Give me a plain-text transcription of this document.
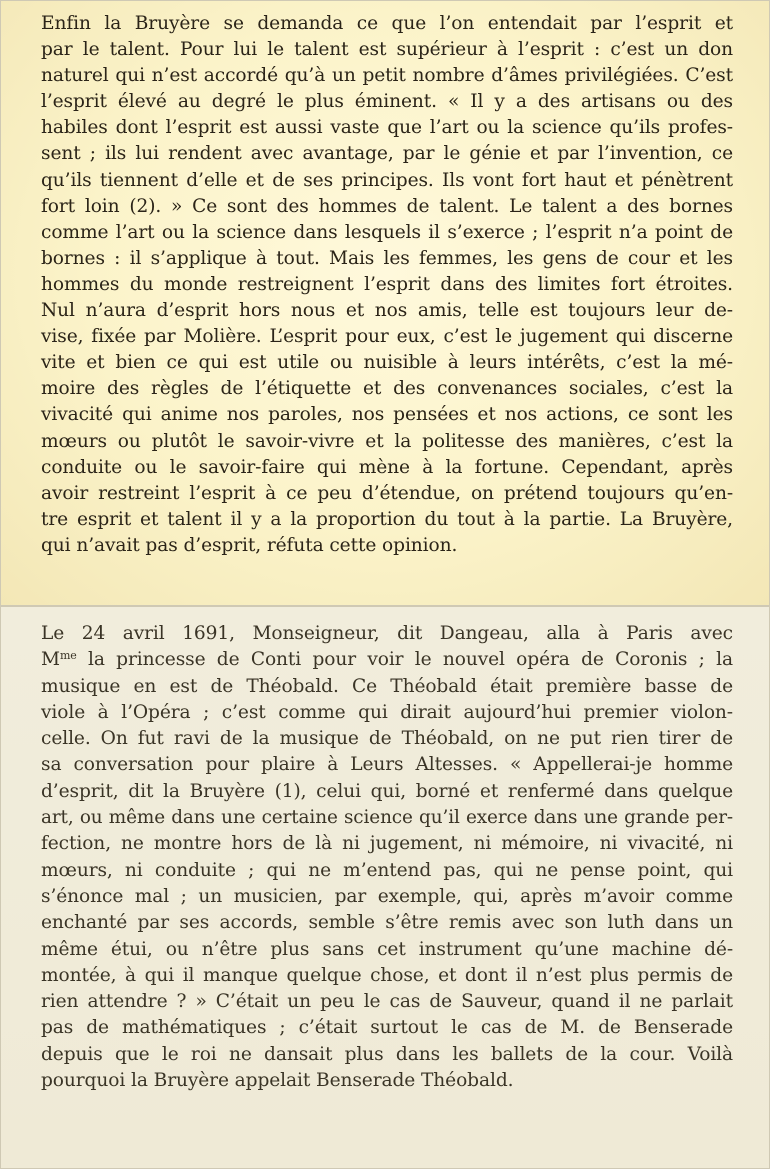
Enfin la Bruyère se demanda ce que l’on entendait par l’esprit et
par le talent. Pour lui le talent est supérieur à l’esprit : c’est un don
naturel qui n’est accordé qu’à un petit nombre d’âmes privilégiées. C’est
l’esprit élevé au degré le plus éminent. « Il y a des artisans ou des
habiles dont l’esprit est aussi vaste que l’art ou la science qu’ils profes-
sent ; ils lui rendent avec avantage, par le génie et par l’invention, ce
qu’ils tiennent d’elle et de ses principes. Ils vont fort haut et pénètrent
fort loin (2). » Ce sont des hommes de talent. Le talent a des bornes
comme l’art ou la science dans lesquels il s’exerce ; l’esprit n’a point de
bornes : il s’applique à tout. Mais les femmes, les gens de cour et les
hommes du monde restreignent l’esprit dans des limites fort étroites.
Nul n’aura d’esprit hors nous et nos amis, telle est toujours leur de-
vise, fixée par Molière. L’esprit pour eux, c’est le jugement qui discerne
vite et bien ce qui est utile ou nuisible à leurs intérêts, c’est la mé-
moire des règles de l’étiquette et des convenances sociales, c’est la
vivacité qui anime nos paroles, nos pensées et nos actions, ce sont les
mœurs ou plutôt le savoir-vivre et la politesse des manières, c’est la
conduite ou le savoir-faire qui mène à la fortune. Cependant, après
avoir restreint l’esprit à ce peu d’étendue, on prétend toujours qu’en-
tre esprit et talent il y a la proportion du tout à la partie. La Bruyère,
qui n’avait pas d’esprit, réfuta cette opinion.

Le 24 avril 1691, Monseigneur, dit Dangeau, alla à Paris avec
$M^{me}$ la princesse de Conti pour voir le nouvel opéra de Coronis ; la
musique en est de Théobald. Ce Théobald était première basse de
viole à l’Opéra ; c’est comme qui dirait aujourd’hui premier violon-
celle. On fut ravi de la musique de Théobald, on ne put rien tirer de
sa conversation pour plaire à Leurs Altesses. « Appellerai-je homme
d’esprit, dit la Bruyère (1), celui qui, borné et renfermé dans quelque
art, ou même dans une certaine science qu’il exerce dans une grande per-
fection, ne montre hors de là ni jugement, ni mémoire, ni vivacité, ni
mœurs, ni conduite ; qui ne m’entend pas, qui ne pense point, qui
s’énonce mal ; un musicien, par exemple, qui, après m’avoir comme
enchanté par ses accords, semble s’être remis avec son luth dans un
même étui, ou n’être plus sans cet instrument qu’une machine dé-
montée, à qui il manque quelque chose, et dont il n’est plus permis de
rien attendre ? » C’était un peu le cas de Sauveur, quand il ne parlait
pas de mathématiques ; c’était surtout le cas de M. de Benserade
depuis que le roi ne dansait plus dans les ballets de la cour. Voilà
pourquoi la Bruyère appelait Benserade Théobald.
